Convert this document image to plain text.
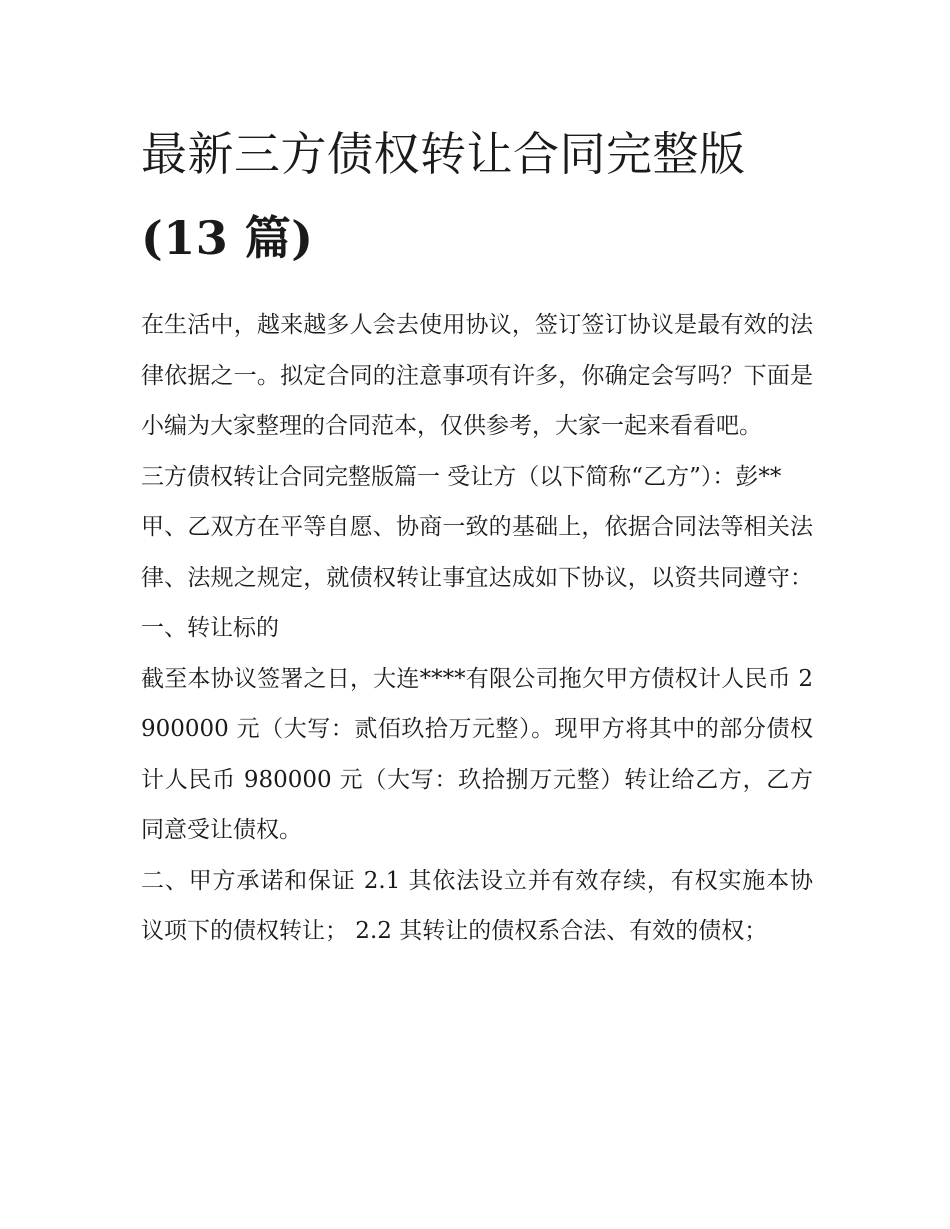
最新三方债权转让合同完整版
(13 篇)

在生活中，越来越多人会去使用协议，签订签订协议是最有效的法律依据之一。拟定合同的注意事项有许多，你确定会写吗？下面是小编为大家整理的合同范本，仅供参考，大家一起来看看吧。

三方债权转让合同完整版篇一 受让方（以下简称“乙方”）：彭**

甲、乙双方在平等自愿、协商一致的基础上，依据合同法等相关法律、法规之规定，就债权转让事宜达成如下协议，以资共同遵守： 一、转让标的

截至本协议签署之日，大连****有限公司拖欠甲方债权计人民币 2900000 元（大写：贰佰玖拾万元整）。现甲方将其中的部分债权计人民币 980000 元（大写：玖拾捌万元整）转让给乙方，乙方同意受让债权。

二、甲方承诺和保证 2.1 其依法设立并有效存续，有权实施本协议项下的债权转让； 2.2 其转让的债权系合法、有效的债权；
